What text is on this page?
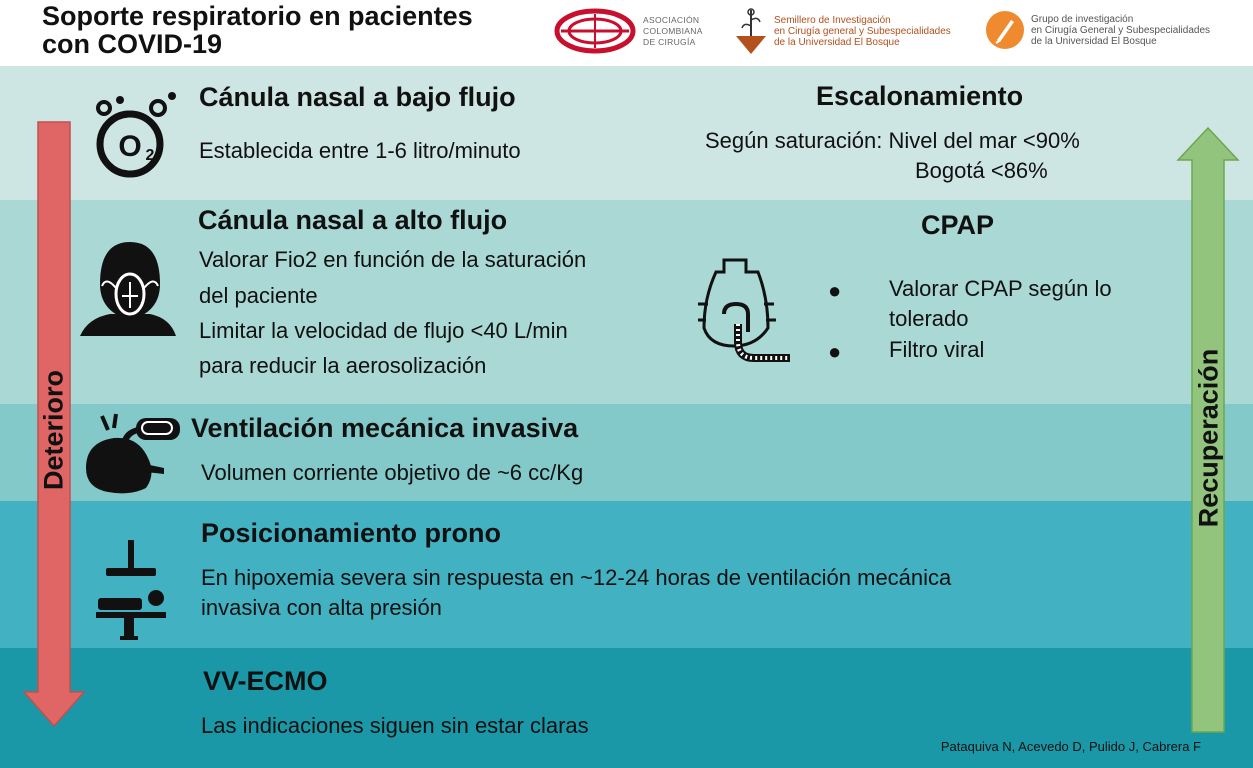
Soporte respiratorio en pacientes
con COVID-19
ASOCIACIÓN
COLOMBIANA
DE CIRUGÍA
Semillero de Investigación
en Cirugía general y Subespecialidades
de la Universidad El Bosque
Grupo de investigación
en Cirugía General y Subespecialidades
de la Universidad El Bosque
Deterioro	Recuperación
O 2
Cánula nasal a bajo flujo
Establecida entre 1-6 litro/minuto
Escalonamiento
Según saturación: Nivel del mar <90%
Bogotá <86%
Cánula nasal a alto flujo
Valorar Fio2 en función de la saturación
del paciente
Limitar la velocidad de flujo <40 L/min
para reducir la aerosolización
CPAP
● Valorar CPAP según lo
tolerado
● Filtro viral
Ventilación mecánica invasiva
Volumen corriente objetivo de ~6 cc/Kg
Posicionamiento prono
En hipoxemia severa sin respuesta en ~12-24 horas de ventilación mecánica
invasiva con alta presión
VV-ECMO
Las indicaciones siguen sin estar claras
Pataquiva N, Acevedo D, Pulido J, Cabrera F
